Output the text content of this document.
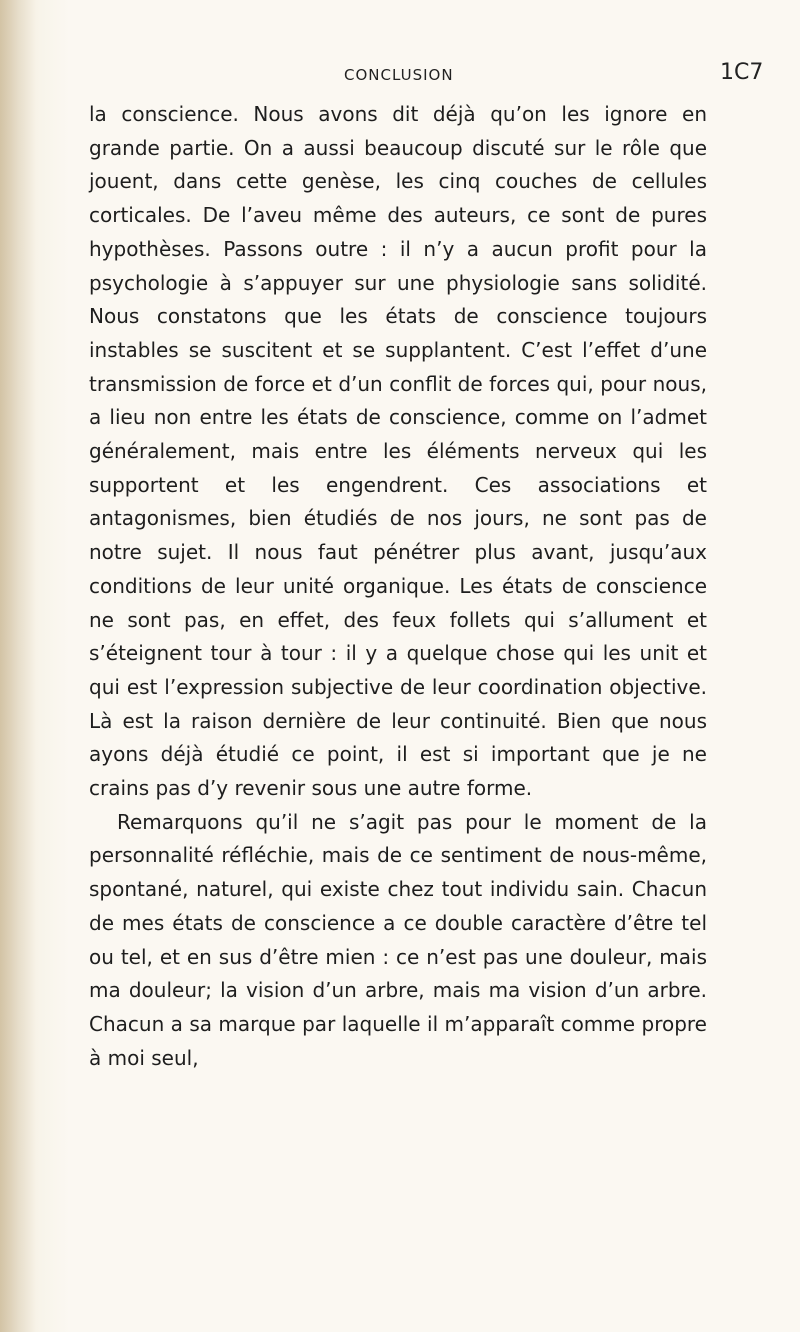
CONCLUSION	1C7

la conscience. Nous avons dit déjà qu’on les ignore en grande partie. On a aussi beaucoup discuté sur le rôle que jouent, dans cette genèse, les cinq couches de cellules corticales. De l’aveu même des auteurs, ce sont de pures hypothèses. Passons outre : il n’y a aucun profit pour la psychologie à s’appuyer sur une physiologie sans solidité. Nous constatons que les états de conscience toujours instables se suscitent et se supplantent. C’est l’effet d’une transmission de force et d’un conflit de forces qui, pour nous, a lieu non entre les états de conscience, comme on l’admet généralement, mais entre les éléments nerveux qui les supportent et les engendrent. Ces associations et antagonismes, bien étudiés de nos jours, ne sont pas de notre sujet. Il nous faut pénétrer plus avant, jusqu’aux conditions de leur unité organique. Les états de conscience ne sont pas, en effet, des feux follets qui s’allument et s’éteignent tour à tour : il y a quelque chose qui les unit et qui est l’expression subjective de leur coordination objective. Là est la raison dernière de leur continuité. Bien que nous ayons déjà étudié ce point, il est si important que je ne crains pas d’y revenir sous une autre forme.

Remarquons qu’il ne s’agit pas pour le moment de la personnalité réfléchie, mais de ce sentiment de nous-même, spontané, naturel, qui existe chez tout individu sain. Chacun de mes états de conscience a ce double caractère d’être tel ou tel, et en sus d’être mien : ce n’est pas une douleur, mais ma douleur; la vision d’un arbre, mais ma vision d’un arbre. Chacun a sa marque par laquelle il m’apparaît comme propre à moi seul,
